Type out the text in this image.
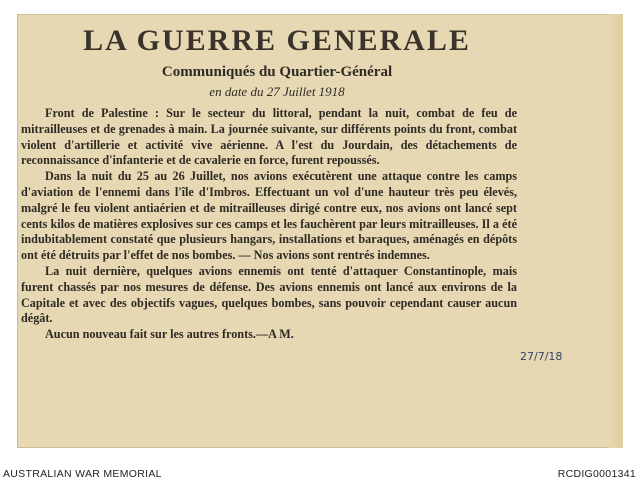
LA GUERRE GENERALE
Communiqués du Quartier-Général
en date du 27 Juillet 1918

Front de Palestine : Sur le secteur du littoral, pendant la nuit, combat de feu de mitrailleuses et de grenades à main. La journée suivante, sur différents points du front, combat violent d'artillerie et activité vive aérienne. A l'est du Jourdain, des détachements de reconnaissance d'infanterie et de cavalerie en force, furent repoussés.

Dans la nuit du 25 au 26 Juillet, nos avions exécutèrent une attaque contre les camps d'aviation de l'ennemi dans l'île d'Imbros. Effectuant un vol d'une hauteur très peu élevés, malgré le feu violent antiaérien et de mitrailleuses dirigé contre eux, nos avions ont lancé sept cents kilos de matières explosives sur ces camps et les fauchèrent par leurs mitrailleuses. Il a été indubitablement constaté que plusieurs hangars, installations et baraques, aménagés en dépôts ont été détruits par l'effet de nos bombes. — Nos avions sont rentrés indemnes.

La nuit dernière, quelques avions ennemis ont tenté d'attaquer Constantinople, mais furent chassés par nos mesures de défense. Des avions ennemis ont lancé aux environs de la Capitale et avec des objectifs vagues, quelques bombes, sans pouvoir cependant causer aucun dégât.

Aucun nouveau fait sur les autres fronts.—A M.

27/7/18
AUSTRALIAN WAR MEMORIAL	RCDIG0001341
